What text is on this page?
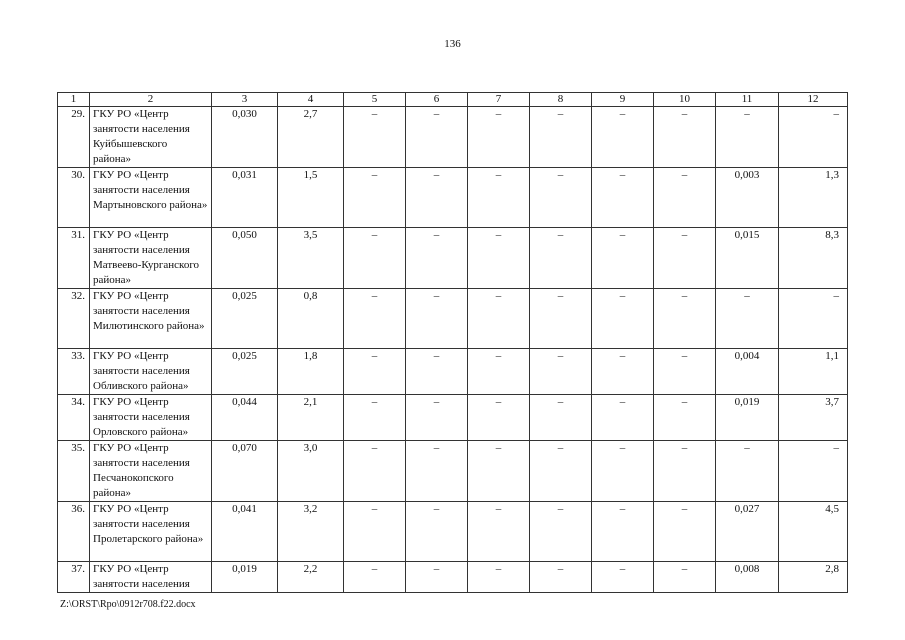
136
1	2	3	4	5	6	7	8	9	10	11	12
29.	ГКУ РО «Центр занятости населения Куйбышевского района»	0,030	2,7	–	–	–	–	–	–	–	–
30.	ГКУ РО «Центр занятости населения Мартыновского района»	0,031	1,5	–	–	–	–	–	–	0,003	1,3
31.	ГКУ РО «Центр занятости населения Матвеево-Курганского района»	0,050	3,5	–	–	–	–	–	–	0,015	8,3
32.	ГКУ РО «Центр занятости населения Милютинского района»	0,025	0,8	–	–	–	–	–	–	–	–
33.	ГКУ РО «Центр занятости населения Обливского района»	0,025	1,8	–	–	–	–	–	–	0,004	1,1
34.	ГКУ РО «Центр занятости населения Орловского района»	0,044	2,1	–	–	–	–	–	–	0,019	3,7
35.	ГКУ РО «Центр занятости населения Песчанокопского района»	0,070	3,0	–	–	–	–	–	–	–	–
36.	ГКУ РО «Центр занятости населения Пролетарского района»	0,041	3,2	–	–	–	–	–	–	0,027	4,5
37.	ГКУ РО «Центр занятости населения	0,019	2,2	–	–	–	–	–	–	0,008	2,8
Z:\ORST\Rpo\0912r708.f22.docx
